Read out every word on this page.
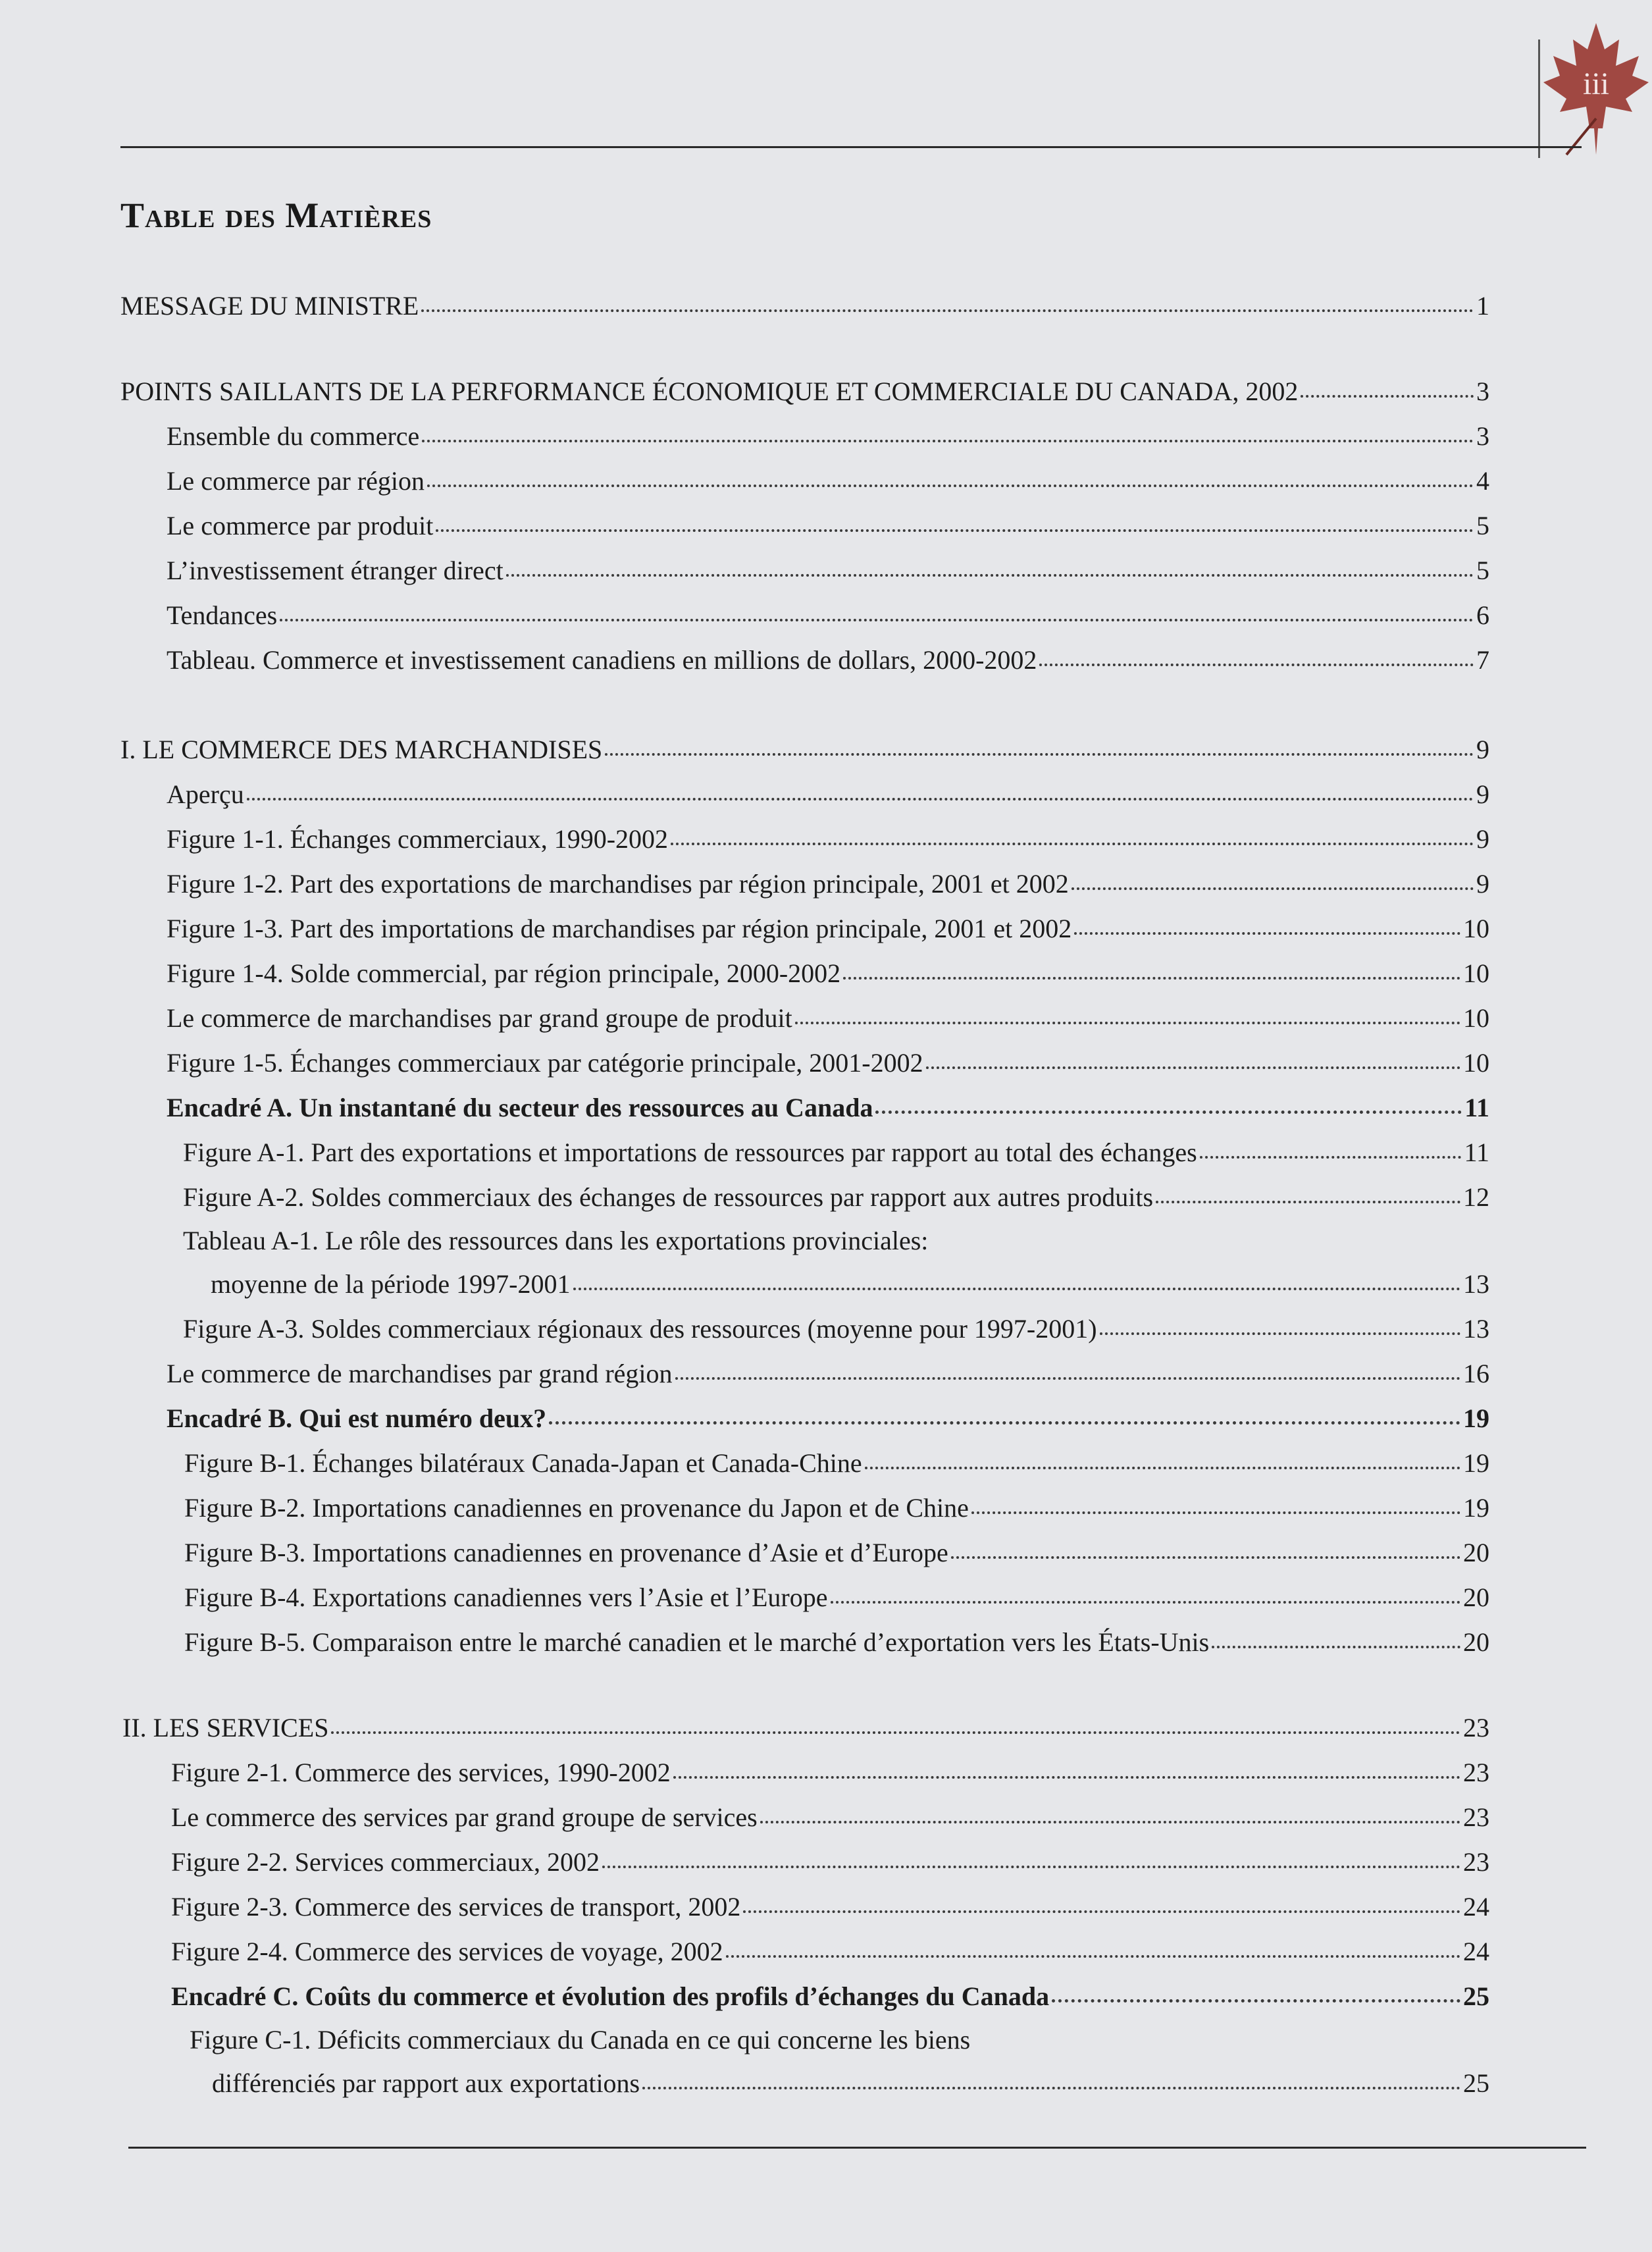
iii
Table des Matières
MESSAGE DU MINISTRE	1
POINTS SAILLANTS DE LA PERFORMANCE ÉCONOMIQUE ET COMMERCIALE DU CANADA, 2002	3
Ensemble du commerce	3
Le commerce par région	4
Le commerce par produit	5
L’investissement étranger direct	5
Tendances	6
Tableau. Commerce et investissement canadiens en millions de dollars, 2000-2002	7
I. LE COMMERCE DES MARCHANDISES	9
Aperçu	9
Figure 1-1. Échanges commerciaux, 1990-2002	9
Figure 1-2. Part des exportations de marchandises par région principale, 2001 et 2002	9
Figure 1-3. Part des importations de marchandises par région principale, 2001 et 2002	10
Figure 1-4. Solde commercial, par région principale, 2000-2002	10
Le commerce de marchandises par grand groupe de produit	10
Figure 1-5. Échanges commerciaux par catégorie principale, 2001-2002	10
Encadré A. Un instantané du secteur des ressources au Canada	11
Figure A-1. Part des exportations et importations de ressources par rapport au total des échanges	11
Figure A-2. Soldes commerciaux des échanges de ressources par rapport aux autres produits	12
Tableau A-1. Le rôle des ressources dans les exportations provinciales:
moyenne de la période 1997-2001	13
Figure A-3. Soldes commerciaux régionaux des ressources (moyenne pour 1997-2001)	13
Le commerce de marchandises par grand région	16
Encadré B. Qui est numéro deux?	19
Figure B-1. Échanges bilatéraux Canada-Japan et Canada-Chine	19
Figure B-2. Importations canadiennes en provenance du Japon et de Chine	19
Figure B-3. Importations canadiennes en provenance d’Asie et d’Europe	20
Figure B-4. Exportations canadiennes vers l’Asie et l’Europe	20
Figure B-5. Comparaison entre le marché canadien et le marché d’exportation vers les États-Unis	20
II. LES SERVICES	23
Figure 2-1. Commerce des services, 1990-2002	23
Le commerce des services par grand groupe de services	23
Figure 2-2. Services commerciaux, 2002	23
Figure 2-3. Commerce des services de transport, 2002	24
Figure 2-4. Commerce des services de voyage, 2002	24
Encadré C. Coûts du commerce et évolution des profils d’échanges du Canada	25
Figure C-1. Déficits commerciaux du Canada en ce qui concerne les biens
différenciés par rapport aux exportations	25
